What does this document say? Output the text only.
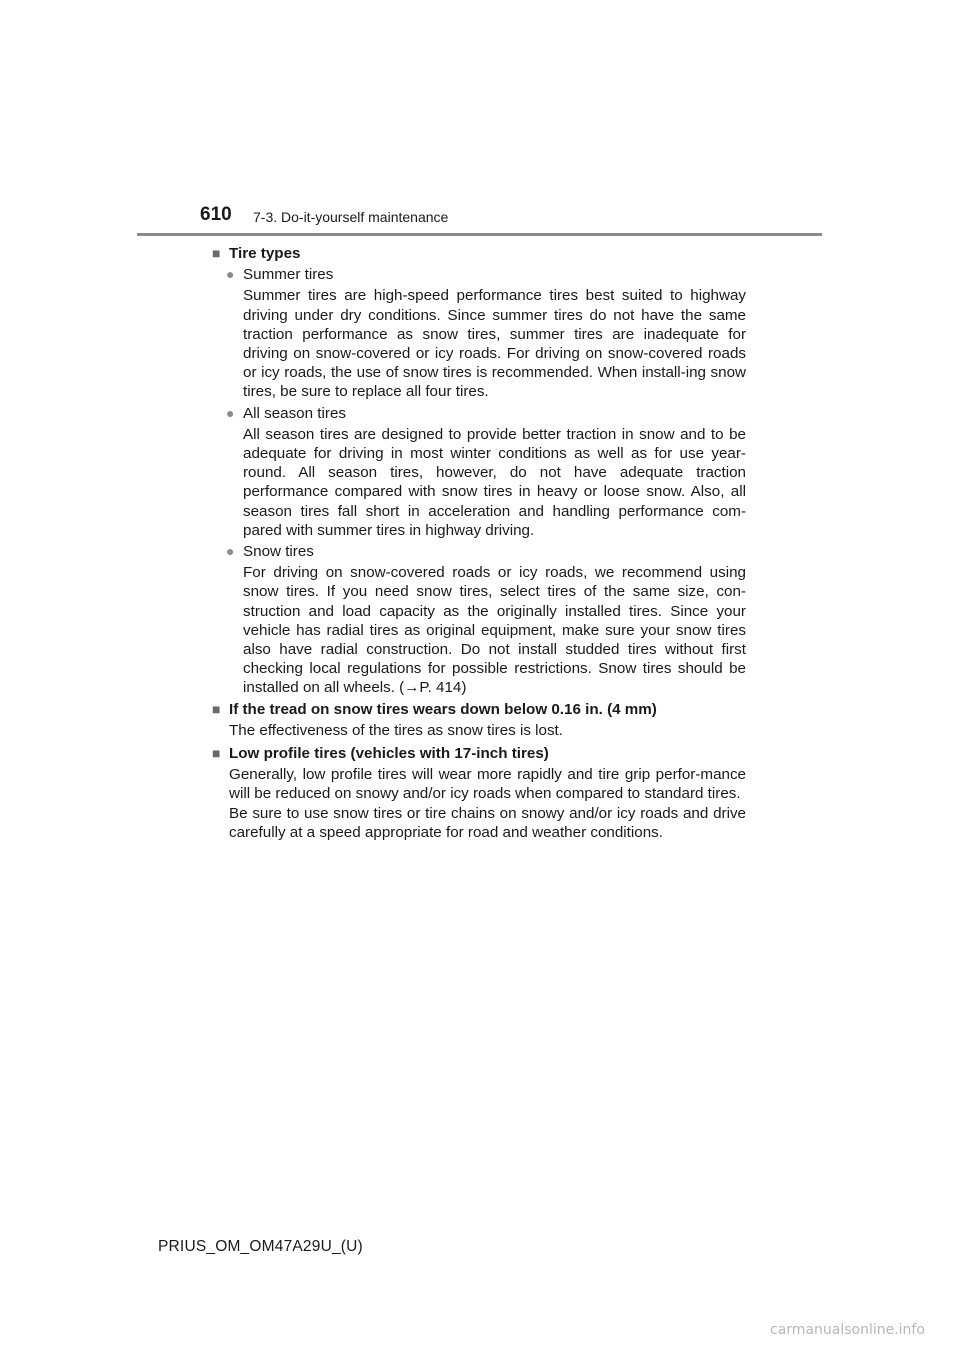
610 7-3. Do-it-yourself maintenance
■ Tire types
● Summer tires
Summer tires are high-speed performance tires best suited to highway driving under dry conditions. Since summer tires do not have the same traction performance as snow tires, summer tires are inadequate for driving on snow-covered or icy roads. For driving on snow-covered roads or icy roads, the use of snow tires is recommended. When install-ing snow tires, be sure to replace all four tires.
● All season tires
All season tires are designed to provide better traction in snow and to be adequate for driving in most winter conditions as well as for use year-round. All season tires, however, do not have adequate traction performance compared with snow tires in heavy or loose snow. Also, all season tires fall short in acceleration and handling performance com-pared with summer tires in highway driving.
● Snow tires
For driving on snow-covered roads or icy roads, we recommend using snow tires. If you need snow tires, select tires of the same size, con-struction and load capacity as the originally installed tires. Since your vehicle has radial tires as original equipment, make sure your snow tires also have radial construction. Do not install studded tires without first checking local regulations for possible restrictions. Snow tires should be installed on all wheels. (→P. 414)
■ If the tread on snow tires wears down below 0.16 in. (4 mm)
The effectiveness of the tires as snow tires is lost.
■ Low profile tires (vehicles with 17-inch tires)
Generally, low profile tires will wear more rapidly and tire grip perfor-mance will be reduced on snowy and/or icy roads when compared to standard tires.
Be sure to use snow tires or tire chains on snowy and/or icy roads and drive carefully at a speed appropriate for road and weather conditions.
PRIUS_OM_OM47A29U_(U)
carmanualsonline.info
